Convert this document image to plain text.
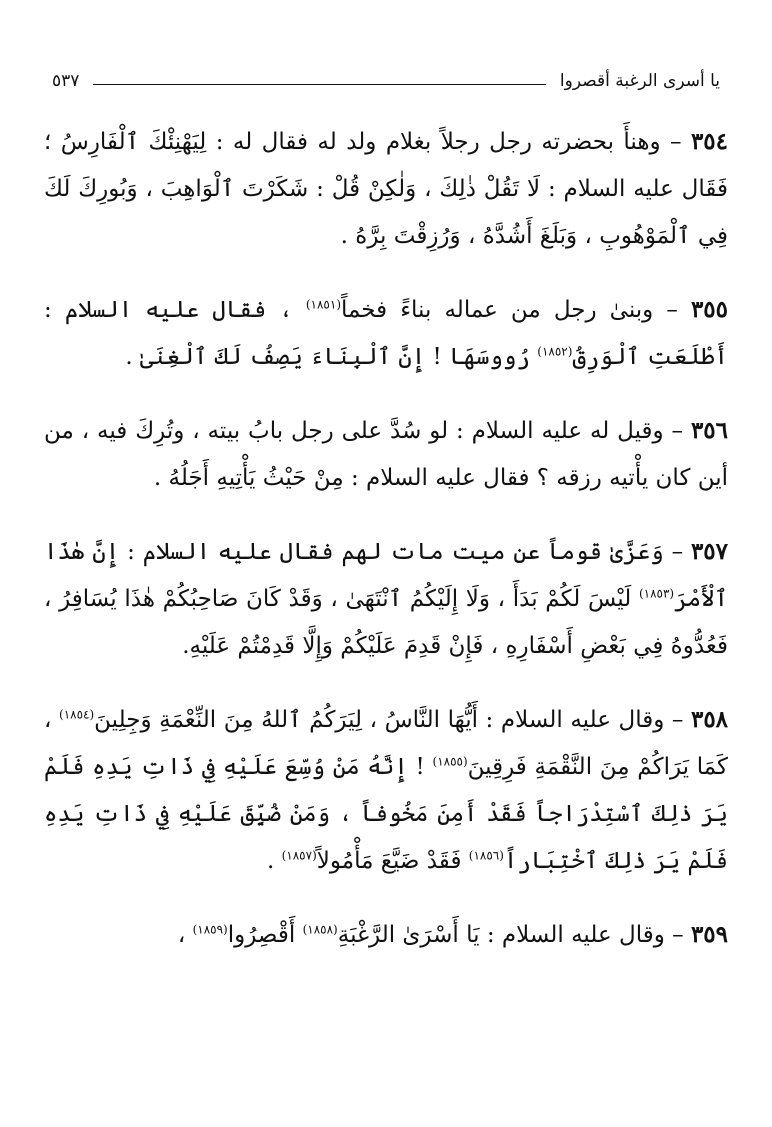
يا أسرى الرغبة أقصروا
٥٣٧

٣٥٤ – وهنأَ بحضرته رجل رجلاً بغلام ولد له فقال له : لِيَهْنِئْكَ ٱلْفَارِسُ ؛ فَقَال عليه السلام : لَا تَقُلْ ذٰلِكَ ، وَلٰكِنْ قُلْ : شَكَرْتَ ٱلْوَاهِبَ ، وَبُورِكَ لَكَ فِي ٱلْمَوْهُوبِ ، وَبَلَغَ أَشُدَّهُ ، وَرُزِقْتَ بِرَّهُ .

٣٥٥ – وبنىٰ رجل من عماله بناءً فخماً$^{(١٨٥١)}$ ، فقال عليه السلام : أَطْلَعَتِ ٱلْوَرِقُ$^{(١٨٥٢)}$ رُووسَهَا ! إِنَّ ٱلْبِنَاءَ يَصِفُ لَكَ ٱلْغِنَىٰ .

٣٥٦ – وقيل له عليه السلام : لو سُدَّ على رجل بابُ بيته ، وتُرِكَ فيه ، من أين كان يأْتيه رزقه ؟ فقال عليه السلام : مِنْ حَيْثُ يَأْتِيهِ أَجَلُهُ .

٣٥٧ – وَعَزَّىٰ قوماً عن ميت مات لهم فقال عليه السلام : إِنَّ هٰذَا ٱلْأَمْرَ$^{(١٨٥٣)}$ لَيْسَ لَكُمْ بَدَأَ ، وَلَا إِلَيْكُمُ ٱنْتَهَىٰ ، وَقَدْ كَانَ صَاحِبُكُمْ هٰذَا يُسَافِرُ ، فَعُدُّوهُ فِي بَعْضِ أَسْفَارِهِ ، فَإِنْ قَدِمَ عَلَيْكُمْ وَإِلَّا قَدِمْتُمْ عَلَيْهِ.

٣٥٨ – وقال عليه السلام : أَيُّهَا النَّاسُ ، لِيَرَكُمُ ٱللهُ مِنَ النِّعْمَةِ وَجِلِينَ$^{(١٨٥٤)}$ ، كَمَا يَرَاكُمْ مِنَ النَّقْمَةِ فَرِقِينَ$^{(١٨٥٥)}$ ! إِنَّهُ مَنْ وُسِّعَ عَلَيْهِ فِي ذَاتِ يَدِهِ فَلَمْ يَرَ ذٰلِكَ ٱسْتِدْرَاجاً فَقَدْ أَمِنَ مَخُوفاً ، وَمَنْ ضُيِّقَ عَلَيْهِ فِي ذَاتِ يَدِهِ فَلَمْ يَرَ ذٰلِكَ ٱخْتِبَاراً$^{(١٨٥٦)}$ فَقَدْ ضَيَّعَ مَأْمُولاً$^{(١٨٥٧)}$ .

٣٥٩ – وقال عليه السلام : يَا أَسْرَىٰ الرَّغْبَةِ$^{(١٨٥٨)}$ أَقْصِرُوا$^{(١٨٥٩)}$ ،
